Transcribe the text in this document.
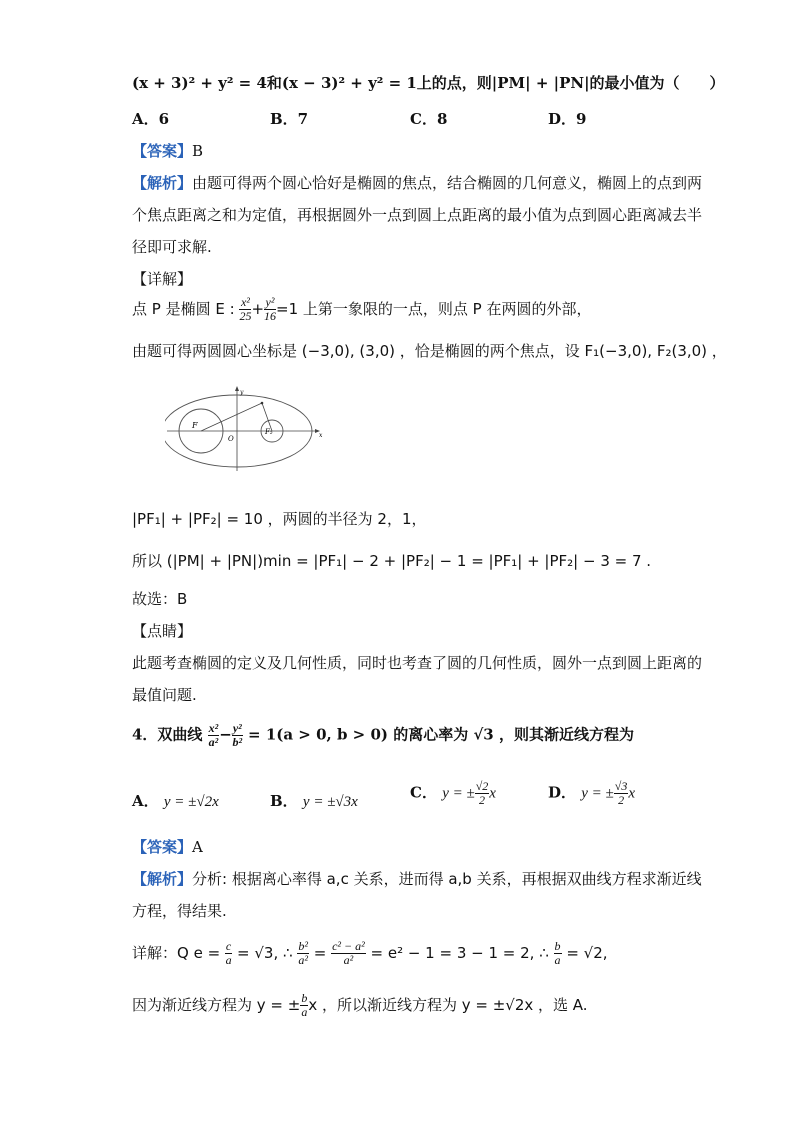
(x + 3)² + y² = 4和(x − 3)² + y² = 1上的点，则|PM| + |PN|的最小值为（　　）
A．6	B．7	C．8	D．9
【答案】B
【解析】由题可得两个圆心恰好是椭圆的焦点，结合椭圆的几何意义，椭圆上的点到两
个焦点距离之和为定值，再根据圆外一点到圆上点距离的最小值为点到圆心距离减去半
径即可求解.
【详解】
点 P 是椭圆 E : $\frac{\text{x²}}{25} + \frac{\text{y²}}{16} =1$ 上第一象限的一点，则点 P 在两圆的外部，
由题可得两圆圆心坐标是 (−3,0), (3,0) ，恰是椭圆的两个焦点，设 F₁(−3,0), F₂(3,0) ，
F
F₂
O	x
y
|PF₁| + |PF₂| = 10 ，两圆的半径为 2，1，
所以 (|PM| + |PN|)min = |PF₁| − 2 + |PF₂| − 1 = |PF₁| + |PF₂| − 3 = 7 .
故选：B
【点睛】
此题考查椭圆的定义及几何性质，同时也考查了圆的几何性质，圆外一点到圆上距离的
最值问题.
4．双曲线 $\frac{\text{x²}}{\text{a²}} - \frac{\text{y²}}{\text{b²}} = 1(a > 0$, b > 0) 的离心率为 √3 ，则其渐近线方程为
A． y = ±√2x	B． y = ±√3x
C． y = ± $\frac{√2}{2}$ x	D． y = ± $\frac{√3}{2}$ x
【答案】A
【解析】分析: 根据离心率得 a,c 关系，进而得 a,b 关系，再根据双曲线方程求渐近线
方程，得结果.
详解：Q $e = \frac{c}{a} = √3$, ∴ $\frac{\text{b²}}{\text{a²}} = \frac{\text{c² − a²}}{\text{a²}} = e^2 - 1 = 3 - 1 = 2$, ∴ $\frac{b}{a} = √2$,
因为渐近线方程为 y = ± $\frac{b}{a}$ x ，所以渐近线方程为 y = ±√2x ，选 A.
